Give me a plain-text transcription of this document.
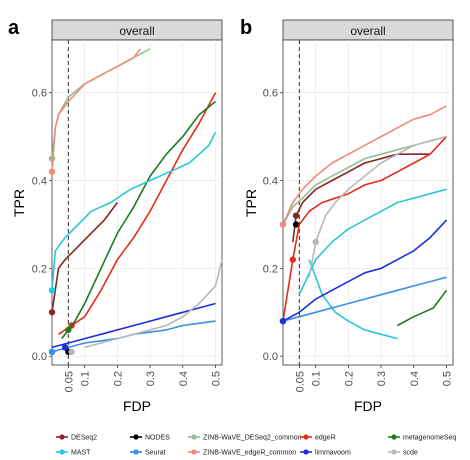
a	overall
0.0
0.2
0.4
0.6
0.05 0.1 0.2 0.3 0.4 0.5
FDP
TPR
b	overall
0.0
0.2
0.4
0.6
0.05 0.1 0.2 0.3 0.4 0.5
FDP
TPR
DESeq2	NODES	ZINB-WaVE_DESeq2_common edgeR	metagenomeSeq
MAST	Seurat	ZINB-WaVE_edgeR_common	limmavoom	scde
